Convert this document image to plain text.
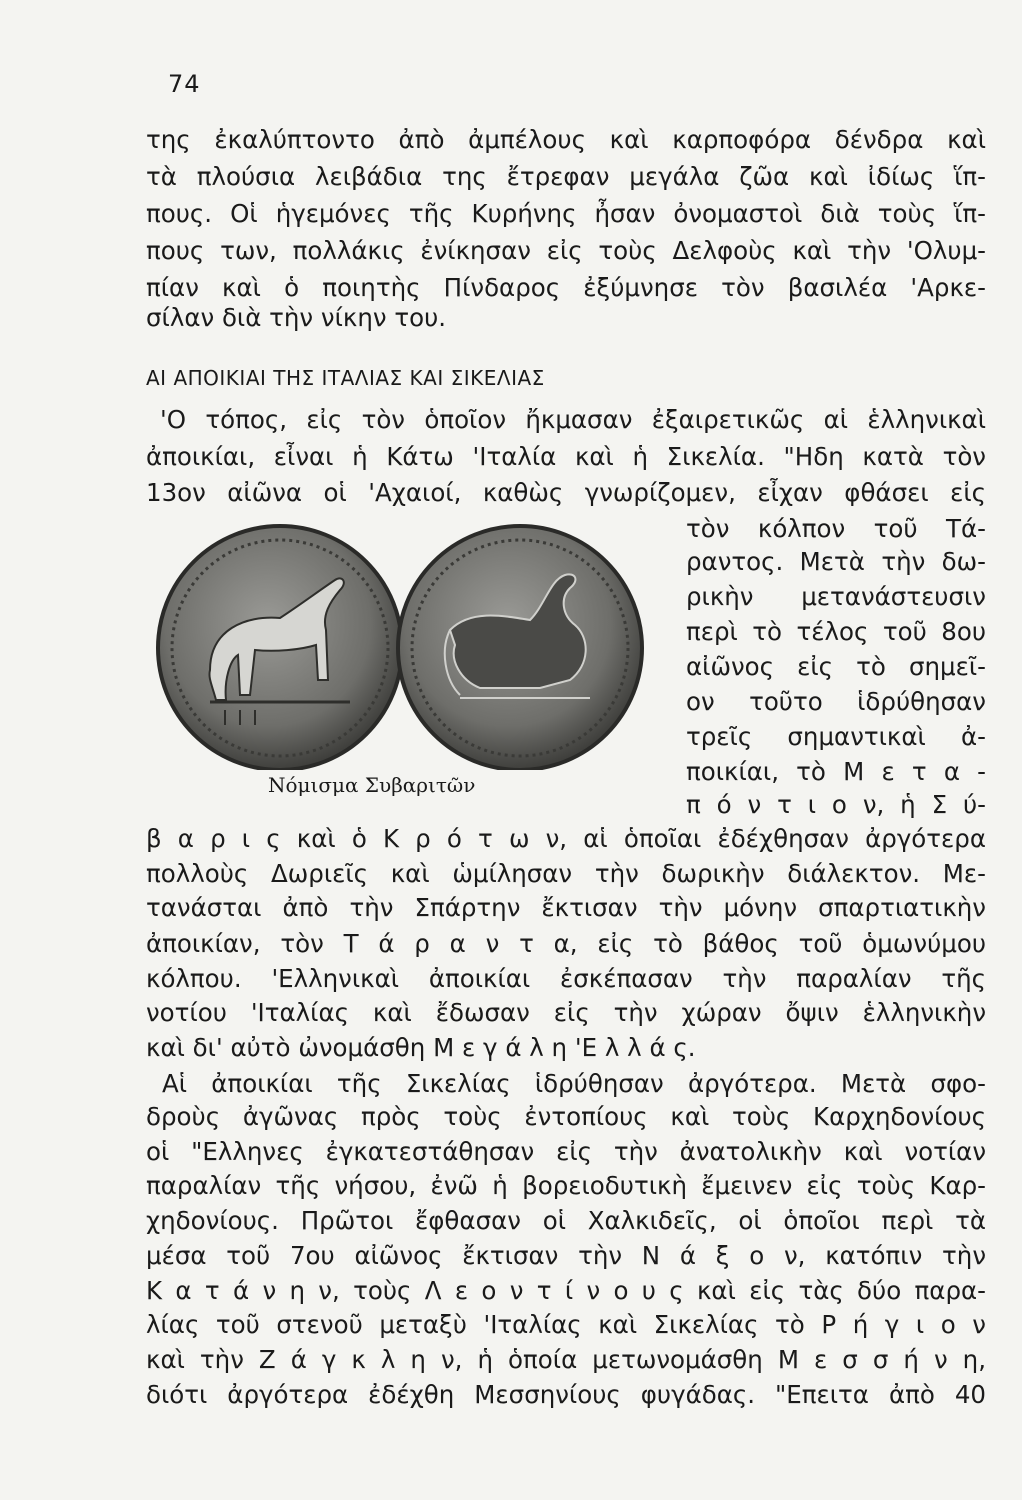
74
της ἐκαλύπτοντο ἀπὸ ἀμπέλους καὶ καρποφόρα δένδρα καὶ
τὰ πλούσια λειβάδια της ἔτρεφαν μεγάλα ζῶα καὶ ἰδίως ἵπ-
πους. Οἱ ἡγεμόνες τῆς Κυρήνης ἦσαν ὀνομαστοὶ διὰ τοὺς ἵπ-
πους των, πολλάκις ἐνίκησαν εἰς τοὺς Δελφοὺς καὶ τὴν 'Ολυμ-
πίαν καὶ ὁ ποιητὴς Πίνδαρος ἐξύμνησε τὸν βασιλέα 'Αρκε-
σίλαν διὰ τὴν νίκην του.
ΑΙ ΑΠΟΙΚΙΑΙ ΤΗΣ ΙΤΑΛΙΑΣ ΚΑΙ ΣΙΚΕΛΙΑΣ
'Ο τόπος, εἰς τὸν ὁποῖον ἤκμασαν ἐξαιρετικῶς αἱ ἑλληνικαὶ
ἀποικίαι, εἶναι ἡ Κάτω 'Ιταλία καὶ ἡ Σικελία. "Ηδη κατὰ τὸν
13ον αἰῶνα οἱ 'Αχαιοί, καθὼς γνωρίζομεν, εἶχαν φθάσει εἰς
τὸν κόλπον τοῦ Τά-
ραντος. Μετὰ τὴν δω-
ρικὴν μετανάστευσιν
περὶ τὸ τέλος τοῦ 8ου
αἰῶνος εἰς τὸ σημεῖ-
ον τοῦτο ἱδρύθησαν
τρεῖς σημαντικαὶ ἀ-
ποικίαι, τὸ Μ ε τ α -
π ό ν τ ι ο ν, ἡ Σ ύ-
Νόμισμα Συβαριτῶν
β α ρ ι ς καὶ ὁ Κ ρ ό τ ω ν, αἱ ὁποῖαι ἐδέχθησαν ἀργότερα
πολλοὺς Δωριεῖς καὶ ὡμίλησαν τὴν δωρικὴν διάλεκτον. Με-
τανάσται ἀπὸ τὴν Σπάρτην ἔκτισαν τὴν μόνην σπαρτιατικὴν
ἀποικίαν, τὸν Τ ά ρ α ν τ α, εἰς τὸ βάθος τοῦ ὁμωνύμου
κόλπου. 'Ελληνικαὶ ἀποικίαι ἐσκέπασαν τὴν παραλίαν τῆς
νοτίου 'Ιταλίας καὶ ἔδωσαν εἰς τὴν χώραν ὄψιν ἑλληνικὴν
καὶ δι' αὐτὸ ὠνομάσθη Μ ε γ ά λ η 'Ε λ λ ά ς.
Αἱ ἀποικίαι τῆς Σικελίας ἱδρύθησαν ἀργότερα. Μετὰ σφο-
δροὺς ἀγῶνας πρὸς τοὺς ἐντοπίους καὶ τοὺς Καρχηδονίους
οἱ "Ελληνες ἐγκατεστάθησαν εἰς τὴν ἀνατολικὴν καὶ νοτίαν
παραλίαν τῆς νήσου, ἐνῶ ἡ βορειοδυτικὴ ἔμεινεν εἰς τοὺς Καρ-
χηδονίους. Πρῶτοι ἔφθασαν οἱ Χαλκιδεῖς, οἱ ὁποῖοι περὶ τὰ
μέσα τοῦ 7ου αἰῶνος ἔκτισαν τὴν Ν ά ξ ο ν, κατόπιν τὴν
Κ α τ ά ν η ν, τοὺς Λ ε ο ν τ ί ν ο υ ς καὶ εἰς τὰς δύο παρα-
λίας τοῦ στενοῦ μεταξὺ 'Ιταλίας καὶ Σικελίας τὸ Ρ ή γ ι ο ν
καὶ τὴν Ζ ά γ κ λ η ν, ἡ ὁποία μετωνομάσθη Μ ε σ σ ή ν η,
διότι ἀργότερα ἐδέχθη Μεσσηνίους φυγάδας. "Επειτα ἀπὸ 40
